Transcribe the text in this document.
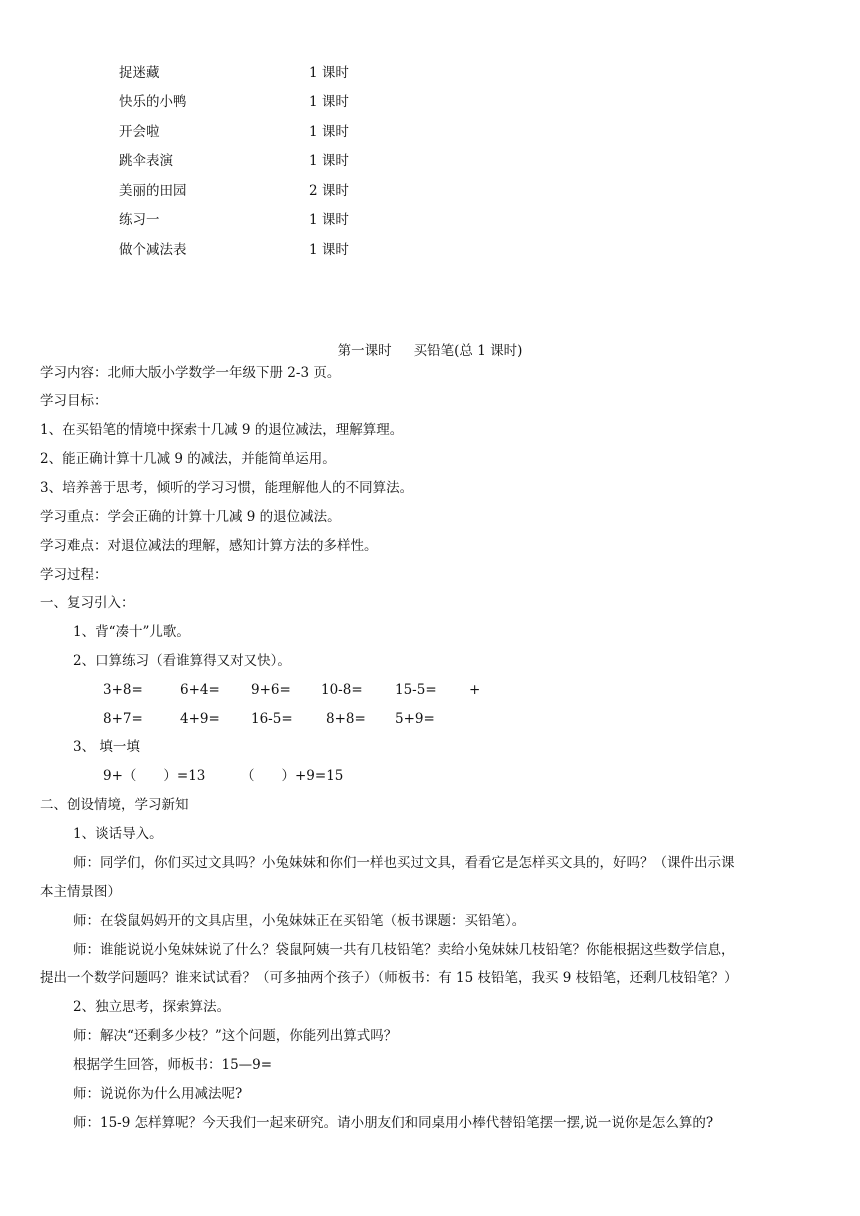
捉迷藏	1 课时
快乐的小鸭	1 课时
开会啦	1 课时
跳伞表演	1 课时
美丽的田园	2 课时
练习一	1 课时
做个减法表	1 课时
第一课时 买铅笔(总 1 课时)
学习内容：北师大版小学数学一年级下册 2-3 页。
学习目标：
1、在买铅笔的情境中探索十几减 9 的退位减法，理解算理。
2、能正确计算十几减 9 的减法，并能简单运用。
3、培养善于思考，倾听的学习习惯，能理解他人的不同算法。
学习重点：学会正确的计算十几减 9 的退位减法。
学习难点：对退位减法的理解，感知计算方法的多样性。
学习过程：
一、复习引入：
1、背“凑十”儿歌。
2、口算练习（看谁算得又对又快）。
3+8=	6+4= 9+6= 10-8= 15-5= +
8+7=	4+9= 16-5= 8+8= 5+9=
3、 填一填
9+（　　）=13	（　　）+9=15
二、创设情境，学习新知
1、谈话导入。
师：同学们，你们买过文具吗？小兔妹妹和你们一样也买过文具，看看它是怎样买文具的，好吗？（课件出示课
本主情景图）
师：在袋鼠妈妈开的文具店里，小兔妹妹正在买铅笔（板书课题：买铅笔）。
师：谁能说说小兔妹妹说了什么？袋鼠阿姨一共有几枝铅笔？卖给小兔妹妹几枝铅笔？你能根据这些数学信息，
提出一个数学问题吗？谁来试试看？（可多抽两个孩子）（师板书：有 15 枝铅笔，我买 9 枝铅笔，还剩几枝铅笔？）
2、独立思考，探索算法。
师：解决“还剩多少枝？”这个问题，你能列出算式吗？
根据学生回答，师板书：15—9=
师：说说你为什么用减法呢?
师：15-9 怎样算呢？今天我们一起来研究。请小朋友们和同桌用小棒代替铅笔摆一摆,说一说你是怎么算的?
